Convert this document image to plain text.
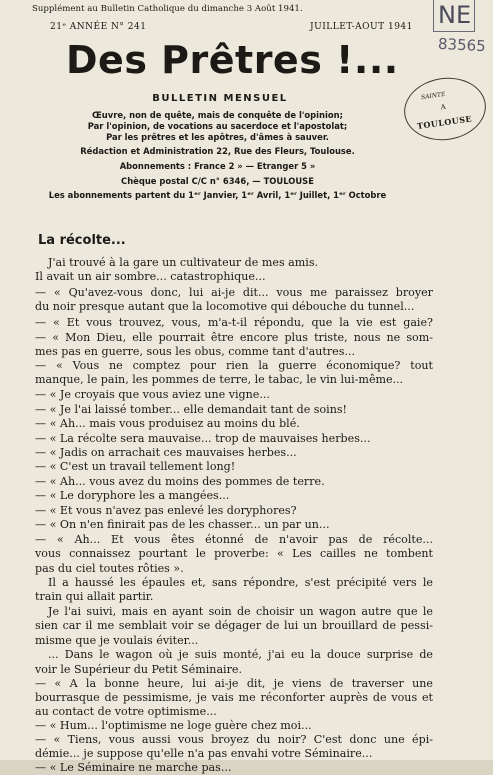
Supplément au Bulletin Catholique du dimanche 3 Août 1941.
21ᵉ ANNÉE N° 241	JUILLET-AOUT 1941 NE
83565
Des Prêtres !...
BULLETIN MENSUEL	SAINTE
A
TOULOUSE
Œuvre, non de quête, mais de conquête de l'opinion;
Par l'opinion, de vocations au sacerdoce et l'apostolat;
Par les prêtres et les apôtres, d'âmes à sauver.
Rédaction et Administration 22, Rue des Fleurs, Toulouse.
Abonnements : France 2 » — Etranger 5 »
Chèque postal C/C n° 6346, — TOULOUSE
Les abonnements partent du 1ᵉʳ Janvier, 1ᵉʳ Avril, 1ᵉʳ Juillet, 1ᵉʳ Octobre
La récolte...
J'ai trouvé à la gare un cultivateur de mes amis.
Il avait un air sombre... catastrophique...
— « Qu'avez-vous donc, lui ai-je dit... vous me paraissez broyer
du noir presque autant que la locomotive qui débouche du tunnel...
— « Et vous trouvez, vous, m'a-t-il répondu, que la vie est gaie?
— « Mon Dieu, elle pourrait être encore plus triste, nous ne som-
mes pas en guerre, sous les obus, comme tant d'autres...
— « Vous ne comptez pour rien la guerre économique? tout
manque, le pain, les pommes de terre, le tabac, le vin lui-même...
— « Je croyais que vous aviez une vigne...
— « Je l'ai laissé tomber... elle demandait tant de soins!
— « Ah... mais vous produisez au moins du blé.
— « La récolte sera mauvaise... trop de mauvaises herbes...
— « Jadis on arrachait ces mauvaises herbes...
— « C'est un travail tellement long!
— « Ah... vous avez du moins des pommes de terre.
— « Le doryphore les a mangées...
— « Et vous n'avez pas enlevé les doryphores?
— « On n'en finirait pas de les chasser... un par un...
— « Ah... Et vous êtes étonné de n'avoir pas de récolte...
vous connaissez pourtant le proverbe: « Les cailles ne tombent
pas du ciel toutes rôties ».
Il a haussé les épaules et, sans répondre, s'est précipité vers le
train qui allait partir.
Je l'ai suivi, mais en ayant soin de choisir un wagon autre que le
sien car il me semblait voir se dégager de lui un brouillard de pessi-
misme que je voulais éviter...
... Dans le wagon où je suis monté, j'ai eu la douce surprise de
voir le Supérieur du Petit Séminaire.
— « A la bonne heure, lui ai-je dit, je viens de traverser une
bourrasque de pessimisme, je vais me réconforter auprès de vous et
au contact de votre optimisme...
— « Hum... l'optimisme ne loge guère chez moi...
— « Tiens, vous aussi vous broyez du noir? C'est donc une épi-
démie... je suppose qu'elle n'a pas envahi votre Séminaire...
— « Le Séminaire ne marche pas...
